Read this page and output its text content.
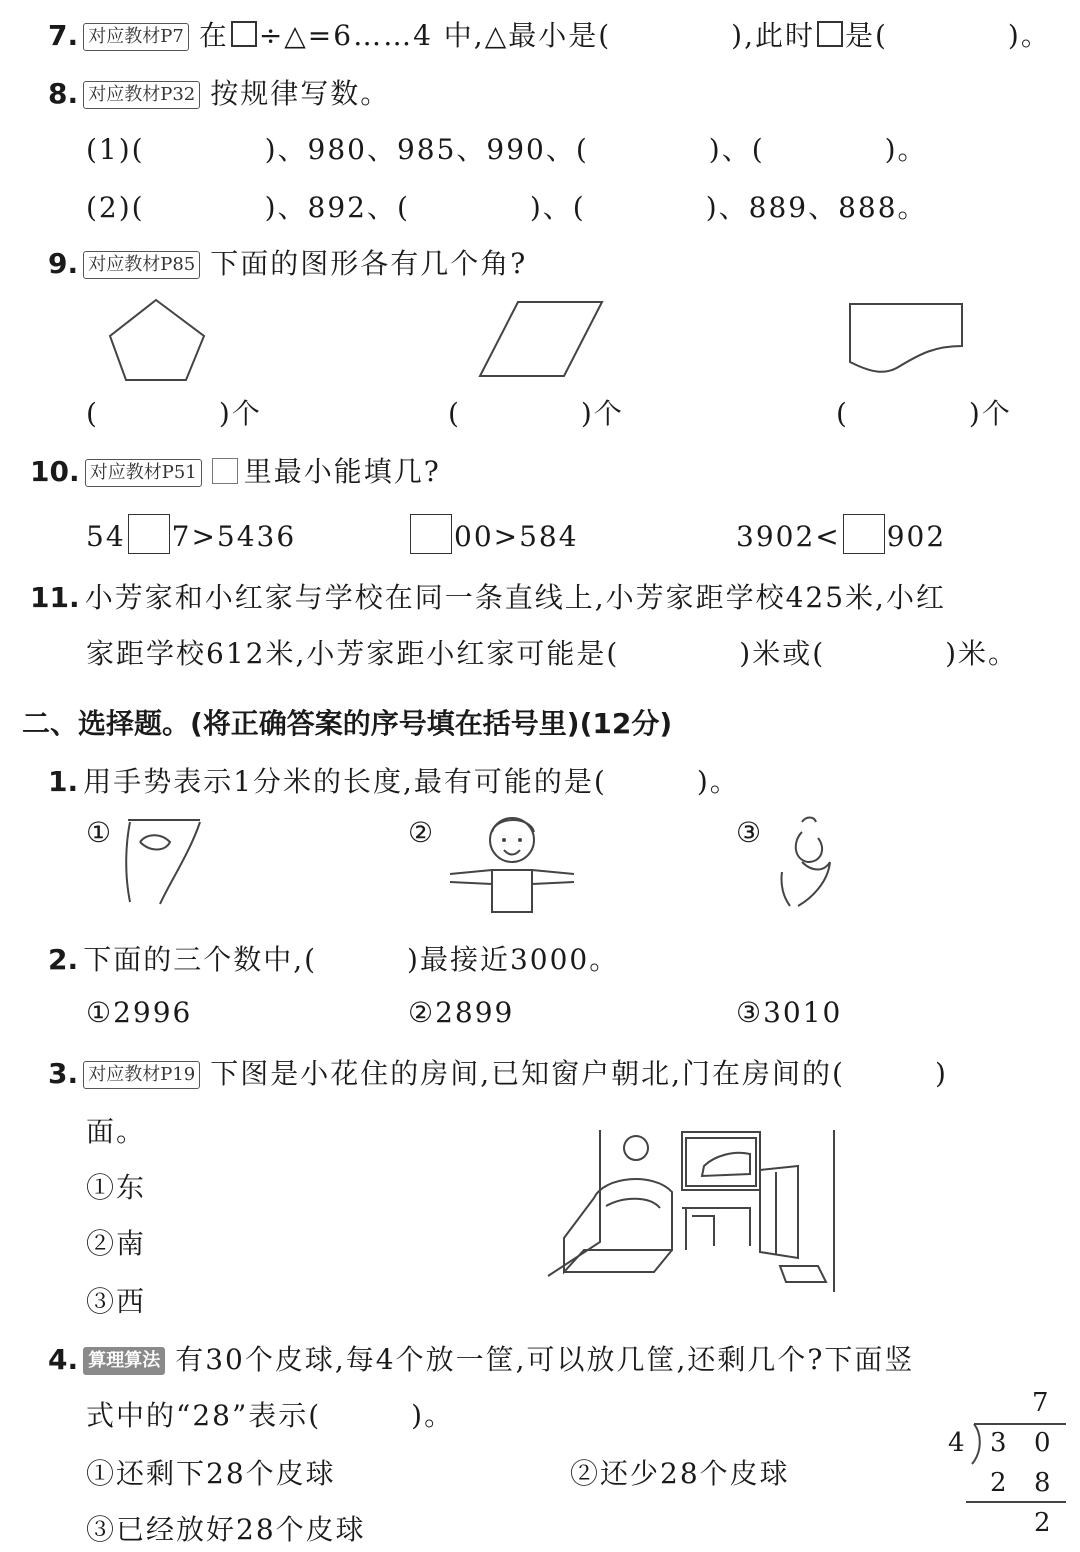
7. 对应教材P7 在 ÷△=6……4 中,△最小是(　　　　),此时 是(　　　　)。
8. 对应教材P32 按规律写数。
(1)(　　　　)、980、985、990、(　　　　)、(　　　　)。
(2)(　　　　)、892、(　　　　)、(　　　　)、889、888。
9. 对应教材P85 下面的图形各有几个角?
(　　　　)个	(　　　　)个	(　　　　)个
10. 对应教材P51 里最小能填几?
54 7>5436	00>584	3902< 902
11. 小芳家和小红家与学校在同一条直线上,小芳家距学校425米,小红
家距学校612米,小芳家距小红家可能是(　　　　)米或(　　　　)米。
二、选择题。(将正确答案的序号填在括号里)(12分)
1. 用手势表示1分米的长度,最有可能的是(　　　)。
①	②	③
2. 下面的三个数中,(　　　)最接近3000。
①2996	②2899	③3010
3. 对应教材P19 下图是小花住的房间,已知窗户朝北,门在房间的(　　　)
面。
①东
②南
③西
4. 算理算法 有30个皮球,每4个放一筐,可以放几筐,还剩几个?下面竖
式中的“28”表示(　　　)。
①还剩下28个皮球	②还少28个皮球
③已经放好28个皮球
7
4 3 0
2 8
2
